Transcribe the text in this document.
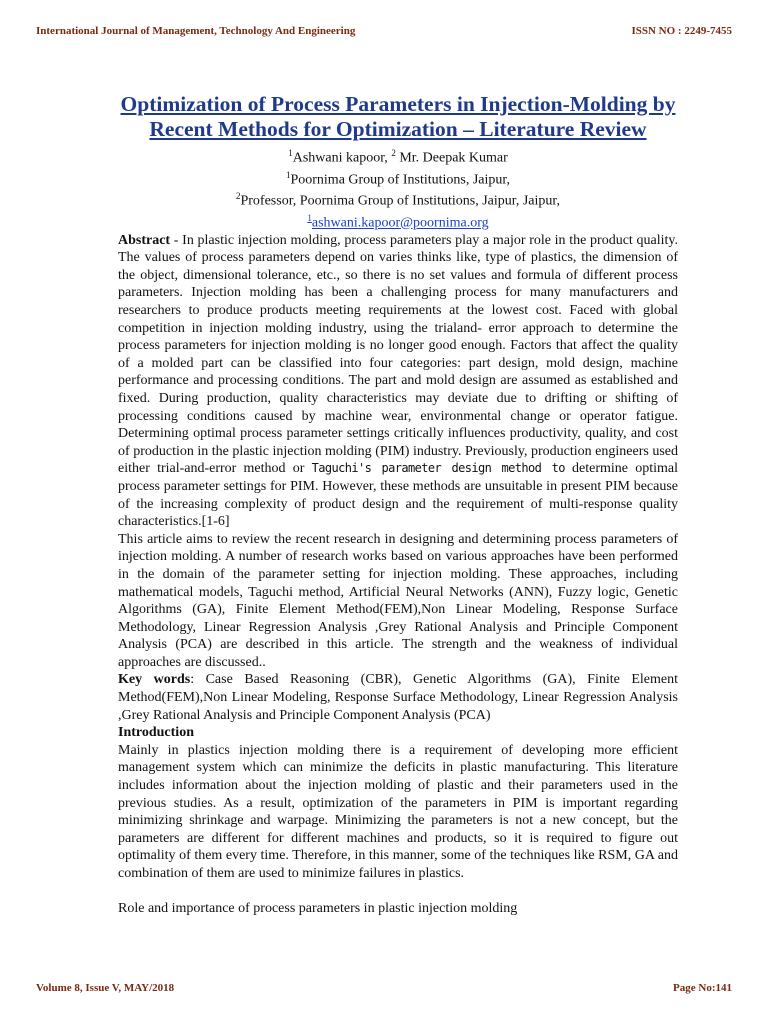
International Journal of Management, Technology And Engineering	ISSN NO : 2249-7455
Optimization of Process Parameters in Injection-Molding by Recent Methods for Optimization – Literature Review
$^1$Ashwani kapoor, $^2$ Mr. Deepak Kumar
$^1$Poornima Group of Institutions, Jaipur,
$^2$Professor, Poornima Group of Institutions, Jaipur, Jaipur,
$^1$ashwani.kapoor@poornima.org

Abstract - In plastic injection molding, process parameters play a major role in the product quality. The values of process parameters depend on varies thinks like, type of plastics, the dimension of the object, dimensional tolerance, etc., so there is no set values and formula of different process parameters. Injection molding has been a challenging process for many manufacturers and researchers to produce products meeting requirements at the lowest cost. Faced with global competition in injection molding industry, using the trialand- error approach to determine the process parameters for injection molding is no longer good enough. Factors that affect the quality of a molded part can be classified into four categories: part design, mold design, machine performance and processing conditions. The part and mold design are assumed as established and fixed. During production, quality characteristics may deviate due to drifting or shifting of processing conditions caused by machine wear, environmental change or operator fatigue. Determining optimal process parameter settings critically influences productivity, quality, and cost of production in the plastic injection molding (PIM) industry. Previously, production engineers used either trial-and-error method or Taguchi's parameter design method to determine optimal process parameter settings for PIM. However, these methods are unsuitable in present PIM because of the increasing complexity of product design and the requirement of multi-response quality characteristics.[1-6]

This article aims to review the recent research in designing and determining process parameters of injection molding. A number of research works based on various approaches have been performed in the domain of the parameter setting for injection molding. These approaches, including mathematical models, Taguchi method, Artificial Neural Networks (ANN), Fuzzy logic, Genetic Algorithms (GA), Finite Element Method(FEM),Non Linear Modeling, Response Surface Methodology, Linear Regression Analysis ,Grey Rational Analysis and Principle Component Analysis (PCA) are described in this article. The strength and the weakness of individual approaches are discussed..

Key words: Case Based Reasoning (CBR), Genetic Algorithms (GA), Finite Element Method(FEM),Non Linear Modeling, Response Surface Methodology, Linear Regression Analysis ,Grey Rational Analysis and Principle Component Analysis (PCA)

Introduction

Mainly in plastics injection molding there is a requirement of developing more efficient management system which can minimize the deficits in plastic manufacturing. This literature includes information about the injection molding of plastic and their parameters used in the previous studies. As a result, optimization of the parameters in PIM is important regarding minimizing shrinkage and warpage. Minimizing the parameters is not a new concept, but the parameters are different for different machines and products, so it is required to figure out optimality of them every time. Therefore, in this manner, some of the techniques like RSM, GA and combination of them are used to minimize failures in plastics.

Role and importance of process parameters in plastic injection molding

Volume 8, Issue V, MAY/2018	Page No:141
